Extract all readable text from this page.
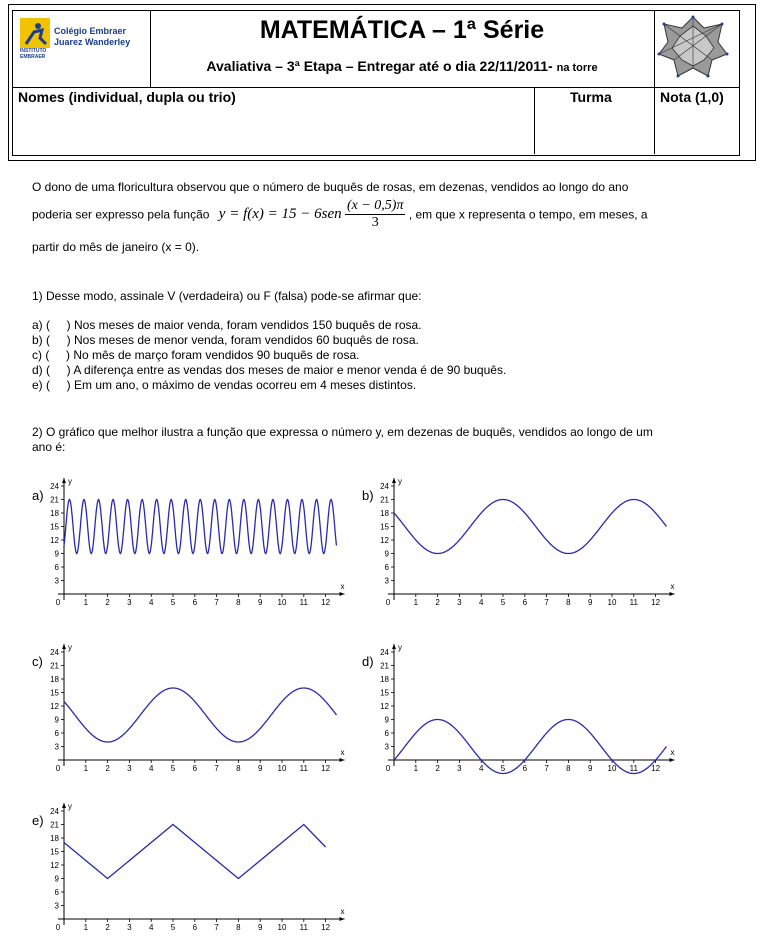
Colégio Embraer
Juarez Wanderley
INSTITUTO EMBRAER
MATEMÁTICA – 1ª Série
Avaliativa – 3ª Etapa – Entregar até o dia 22/11/2011- na torre
Nomes (individual, dupla ou trio)	Turma	Nota (1,0)
O dono de uma floricultura observou que o número de buquês de rosas, em dezenas, vendidos ao longo do ano
poderia ser expresso pela função $y = f(x) = 15 - 6sen \frac{(x - 0,5)\pi}{3}$ , em que x representa o tempo, em meses, a
partir do mês de janeiro (x = 0).
1) Desse modo, assinale V (verdadeira) ou F (falsa) pode-se afirmar que:
a) (     ) Nos meses de maior venda, foram vendidos 150 buquês de rosa.
b) (     ) Nos meses de menor venda, foram vendidos 60 buquês de rosa.
c) (     ) No mês de março foram vendidos 90 buquês de rosa.
d) (     ) A diferença entre as vendas dos meses de maior e menor venda é de 90 buquês.
e) (     ) Em um ano, o máximo de vendas ocorreu em 4 meses distintos.
2) O gráfico que melhor ilustra a função que expressa o número y, em dezenas de buquês, vendidos ao longo de um
ano é:
a)
3
6
9
12
15
18
21
24
0	1 2 3 4 5 6 7 8 9 10 11 12
x
y
b)
3
6
9
12
15
18
21
24
0	1 2 3 4 5 6 7 8 9 10 11 12
x
y
c)
3
6
9
12
15
18
21
24
0	1 2 3 4 5 6 7 8 9 10 11 12
x
y
d)
3
6
9
12
15
18
21
24
0	1 2 3 4 5 6 7 8 9 10 11 12
x
y
e)
3
6
9
12
15
18
21
24
0	1 2 3 4 5 6 7 8 9 10 11 12
x
y
